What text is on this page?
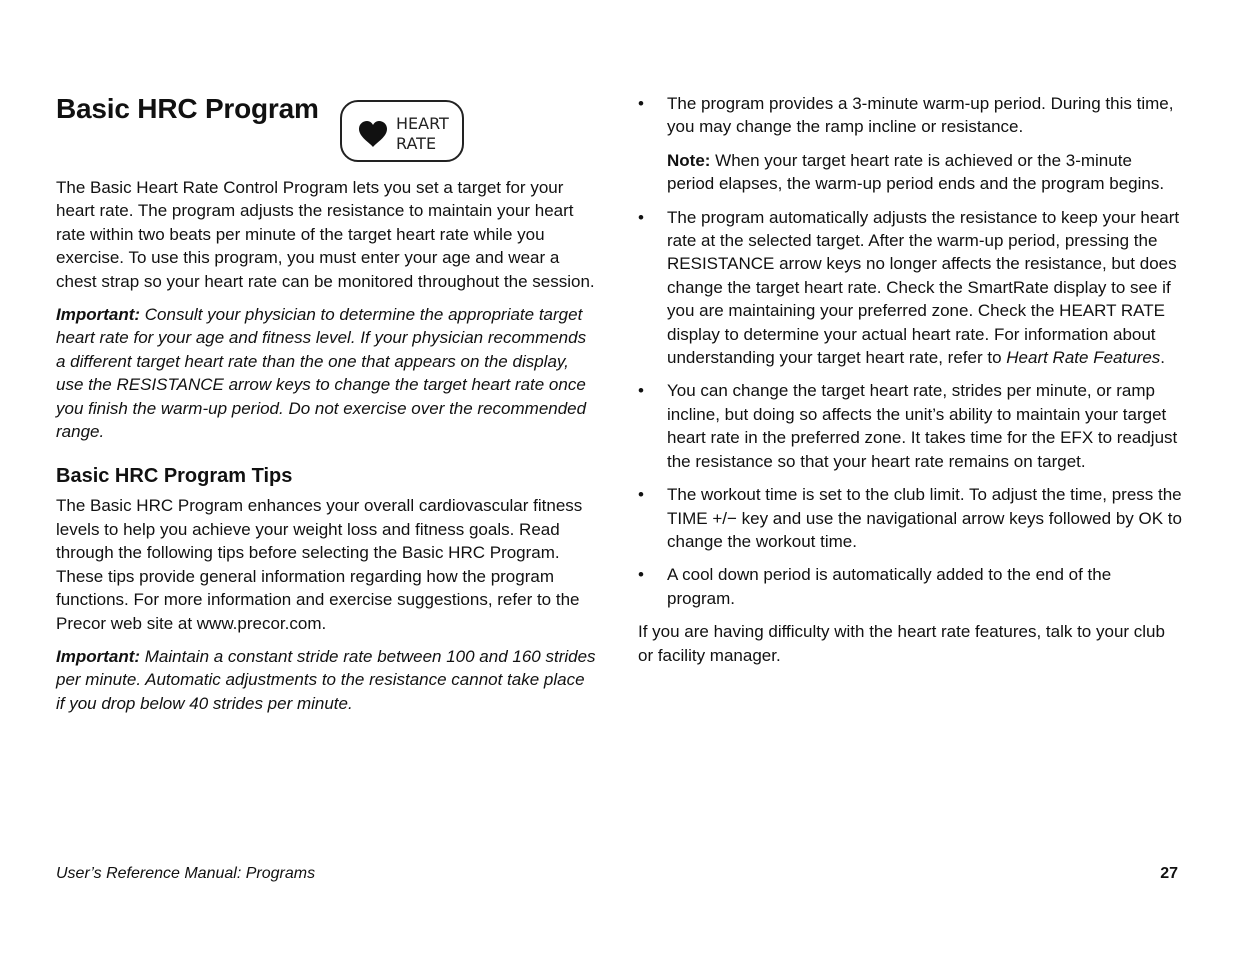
Basic HRC Program	HEART
RATE

The Basic Heart Rate Control Program lets you set a target for your heart rate. The program adjusts the resistance to maintain your heart rate within two beats per minute of the target heart rate while you exercise. To use this program, you must enter your age and wear a chest strap so your heart rate can be monitored throughout the session.

Important: Consult your physician to determine the appropriate target heart rate for your age and fitness level. If your physician recommends a different target heart rate than the one that appears on the display, use the RESISTANCE arrow keys to change the target heart rate once you finish the warm-up period. Do not exercise over the recommended range.

Basic HRC Program Tips

The Basic HRC Program enhances your overall cardiovascular fitness levels to help you achieve your weight loss and fitness goals. Read through the following tips before selecting the Basic HRC Program. These tips provide general information regarding how the program functions. For more information and exercise suggestions, refer to the Precor web site at www.precor.com.

Important: Maintain a constant stride rate between 100 and 160 strides per minute. Automatic adjustments to the resistance cannot take place if you drop below 40 strides per minute.

• The program provides a 3-minute warm-up period. During this time, you may change the ramp incline or resistance.
Note: When your target heart rate is achieved or the 3-minute period elapses, the warm-up period ends and the program begins.
• The program automatically adjusts the resistance to keep your heart rate at the selected target. After the warm-up period, pressing the RESISTANCE arrow keys no longer affects the resistance, but does change the target heart rate. Check the SmartRate display to see if you are maintaining your preferred zone. Check the HEART RATE display to determine your actual heart rate. For information about understanding your target heart rate, refer to Heart Rate Features.
• You can change the target heart rate, strides per minute, or ramp incline, but doing so affects the unit’s ability to maintain your target heart rate in the preferred zone. It takes time for the EFX to readjust the resistance so that your heart rate remains on target.
• The workout time is set to the club limit. To adjust the time, press the TIME +/− key and use the navigational arrow keys followed by OK to change the workout time.
• A cool down period is automatically added to the end of the program.

If you are having difficulty with the heart rate features, talk to your club or facility manager.

User’s Reference Manual: Programs	27
